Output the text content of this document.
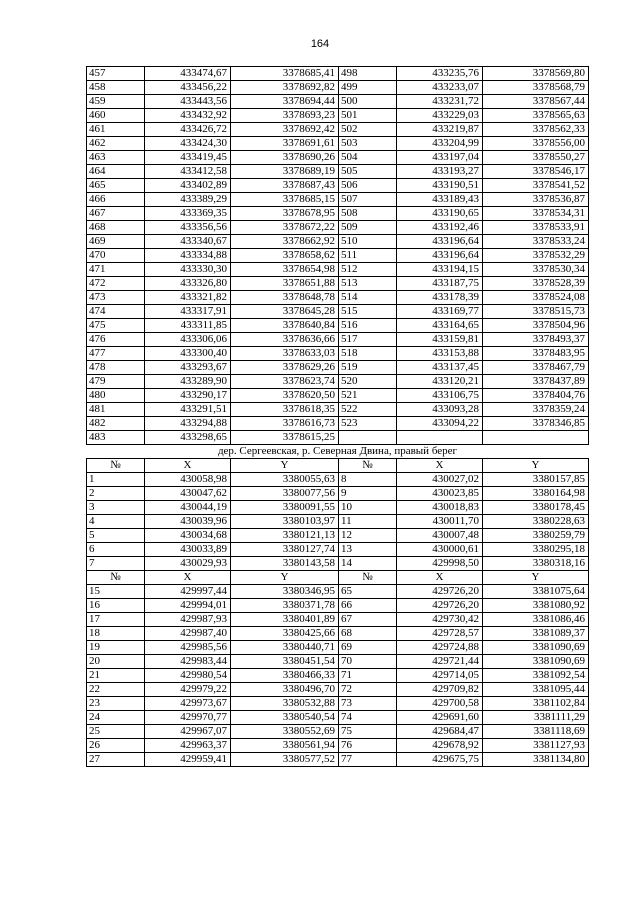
164
457	433474,67	3378685,41	498	433235,76	3378569,80
458	433456,22	3378692,82	499	433233,07	3378568,79
459	433443,56	3378694,44	500	433231,72	3378567,44
460	433432,92	3378693,23	501	433229,03	3378565,63
461	433426,72	3378692,42	502	433219,87	3378562,33
462	433424,30	3378691,61	503	433204,99	3378556,00
463	433419,45	3378690,26	504	433197,04	3378550,27
464	433412,58	3378689,19	505	433193,27	3378546,17
465	433402,89	3378687,43	506	433190,51	3378541,52
466	433389,29	3378685,15	507	433189,43	3378536,87
467	433369,35	3378678,95	508	433190,65	3378534,31
468	433356,56	3378672,22	509	433192,46	3378533,91
469	433340,67	3378662,92	510	433196,64	3378533,24
470	433334,88	3378658,62	511	433196,64	3378532,29
471	433330,30	3378654,98	512	433194,15	3378530,34
472	433326,80	3378651,88	513	433187,75	3378528,39
473	433321,82	3378648,78	514	433178,39	3378524,08
474	433317,91	3378645,28	515	433169,77	3378515,73
475	433311,85	3378640,84	516	433164,65	3378504,96
476	433306,06	3378636,66	517	433159,81	3378493,37
477	433300,40	3378633,03	518	433153,88	3378483,95
478	433293,67	3378629,26	519	433137,45	3378467,79
479	433289,90	3378623,74	520	433120,21	3378437,89
480	433290,17	3378620,50	521	433106,75	3378404,76
481	433291,51	3378618,35	522	433093,28	3378359,24
482	433294,88	3378616,73	523	433094,22	3378346,85
483	433298,65	3378615,25			
дер. Сергеевская, р. Северная Двина, правый берег					
№	X	Y	№	X	Y
1	430058,98	3380055,63	8	430027,02	3380157,85
2	430047,62	3380077,56	9	430023,85	3380164,98
3	430044,19	3380091,55	10	430018,83	3380178,45
4	430039,96	3380103,97	11	430011,70	3380228,63
5	430034,68	3380121,13	12	430007,48	3380259,79
6	430033,89	3380127,74	13	430000,61	3380295,18
7	430029,93	3380143,58	14	429998,50	3380318,16
№	X	Y	№	X	Y
15	429997,44	3380346,95	65	429726,20	3381075,64
16	429994,01	3380371,78	66	429726,20	3381080,92
17	429987,93	3380401,89	67	429730,42	3381086,46
18	429987,40	3380425,66	68	429728,57	3381089,37
19	429985,56	3380440,71	69	429724,88	3381090,69
20	429983,44	3380451,54	70	429721,44	3381090,69
21	429980,54	3380466,33	71	429714,05	3381092,54
22	429979,22	3380496,70	72	429709,82	3381095,44
23	429973,67	3380532,88	73	429700,58	3381102,84
24	429970,77	3380540,54	74	429691,60	3381111,29
25	429967,07	3380552,69	75	429684,47	3381118,69
26	429963,37	3380561,94	76	429678,92	3381127,93
27	429959,41	3380577,52	77	429675,75	3381134,80
